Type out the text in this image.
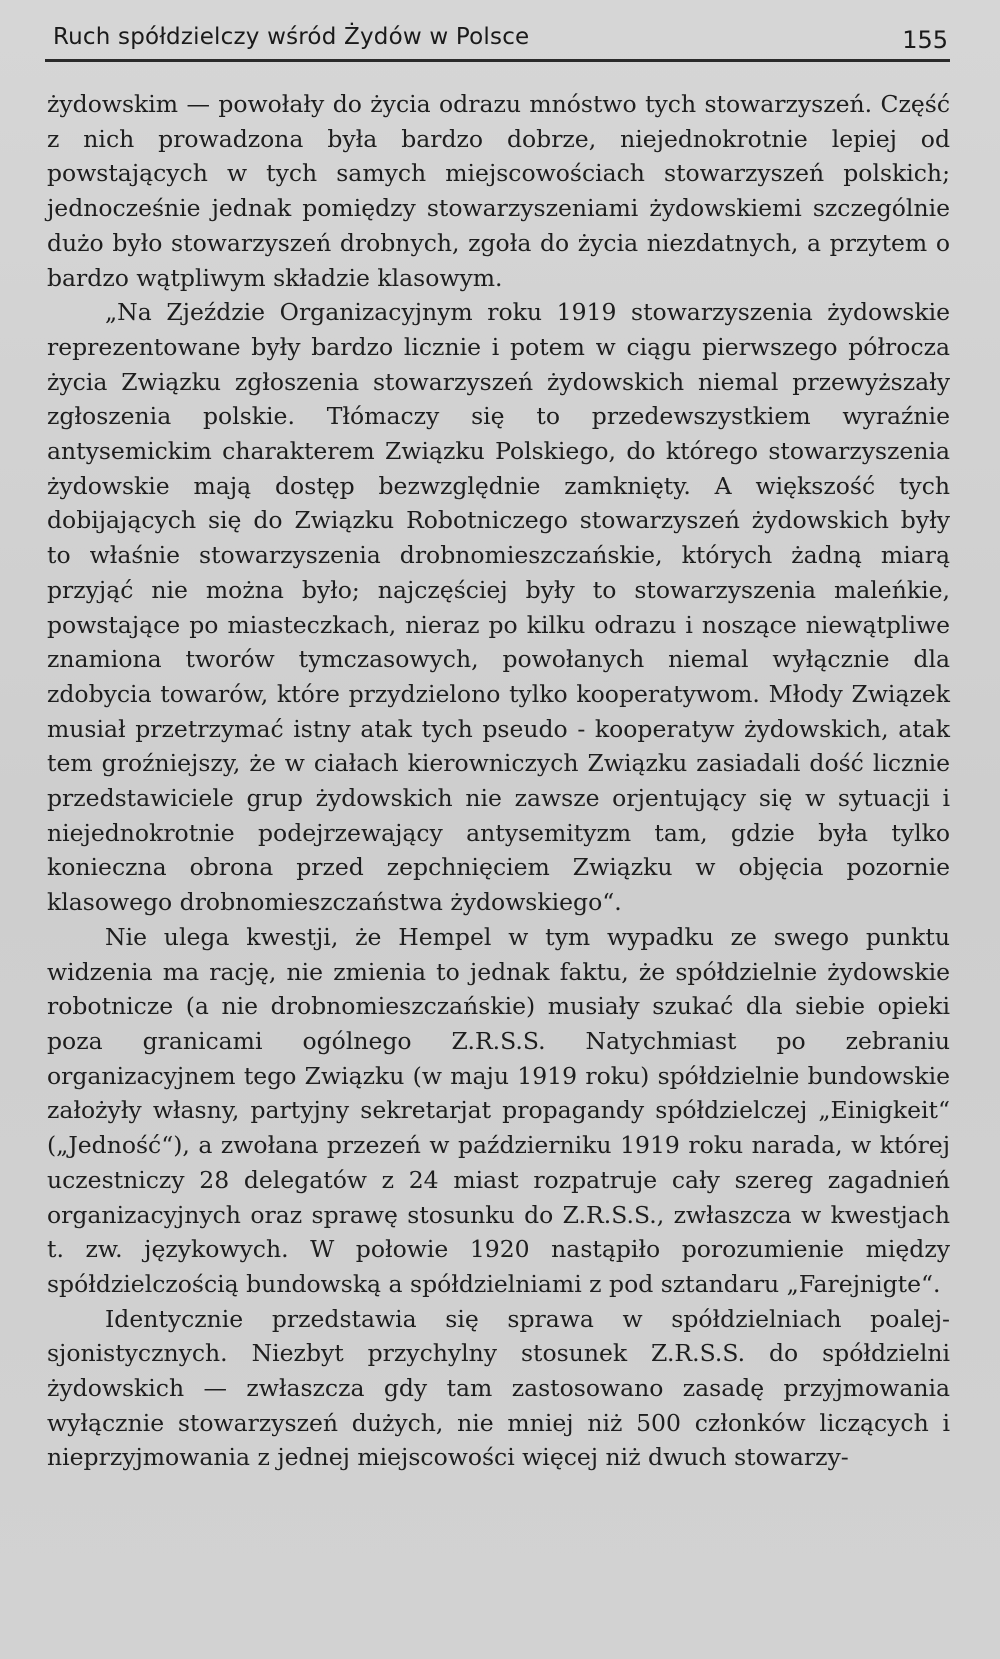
Ruch spółdzielczy wśród Żydów w Polsce	155

żydowskim — powołały do życia odrazu mnóstwo tych stowarzyszeń. Część z nich prowadzona była bardzo dobrze, niejednokrotnie lepiej od powstających w tych samych miejscowościach stowarzyszeń polskich; jednocześnie jednak pomiędzy stowarzyszeniami żydowskiemi szczególnie dużo było stowarzyszeń drobnych, zgoła do życia niezdatnych, a przytem o bardzo wątpliwym składzie klasowym.

„Na Zjeździe Organizacyjnym roku 1919 stowarzyszenia żydowskie reprezentowane były bardzo licznie i potem w ciągu pierwszego półrocza życia Związku zgłoszenia stowarzyszeń żydowskich niemal przewyższały zgłoszenia polskie. Tłómaczy się to przedewszystkiem wyraźnie antysemickim charakterem Związku Polskiego, do którego stowarzyszenia żydowskie mają dostęp bezwzględnie zamknięty. A większość tych dobijających się do Związku Robotniczego stowarzyszeń żydowskich były to właśnie stowarzyszenia drobnomieszczańskie, których żadną miarą przyjąć nie można było; najczęściej były to stowarzyszenia maleńkie, powstające po miasteczkach, nieraz po kilku odrazu i noszące niewątpliwe znamiona tworów tymczasowych, powołanych niemal wyłącznie dla zdobycia towarów, które przydzielono tylko kooperatywom. Młody Związek musiał przetrzymać istny atak tych pseudo - kooperatyw żydowskich, atak tem groźniejszy, że w ciałach kierowniczych Związku zasiadali dość licznie przedstawiciele grup żydowskich nie zawsze orjentujący się w sytuacji i niejednokrotnie podejrzewający antysemityzm tam, gdzie była tylko konieczna obrona przed zepchnięciem Związku w objęcia pozornie klasowego drobnomieszczaństwa żydowskiego“.

Nie ulega kwestji, że Hempel w tym wypadku ze swego punktu widzenia ma rację, nie zmienia to jednak faktu, że spółdzielnie żydowskie robotnicze (a nie drobnomieszczańskie) musiały szukać dla siebie opieki poza granicami ogólnego Z.R.S.S. Natychmiast po zebraniu organizacyjnem tego Związku (w maju 1919 roku) spółdzielnie bundowskie założyły własny, partyjny sekretarjat propagandy spółdzielczej „Einigkeit“ („Jedność“), a zwołana przezeń w październiku 1919 roku narada, w której uczestniczy 28 delegatów z 24 miast rozpatruje cały szereg zagadnień organizacyjnych oraz sprawę stosunku do Z.R.S.S., zwłaszcza w kwestjach t. zw. językowych. W połowie 1920 nastąpiło porozumienie między spółdzielczością bundowską a spółdzielniami z pod sztandaru „Farejnigte“.

Identycznie przedstawia się sprawa w spółdzielniach poalej-sjonistycznych. Niezbyt przychylny stosunek Z.R.S.S. do spółdzielni żydowskich — zwłaszcza gdy tam zastosowano zasadę przyjmowania wyłącznie stowarzyszeń dużych, nie mniej niż 500 członków liczących i nieprzyjmowania z jednej miejscowości więcej niż dwuch stowarzy-
